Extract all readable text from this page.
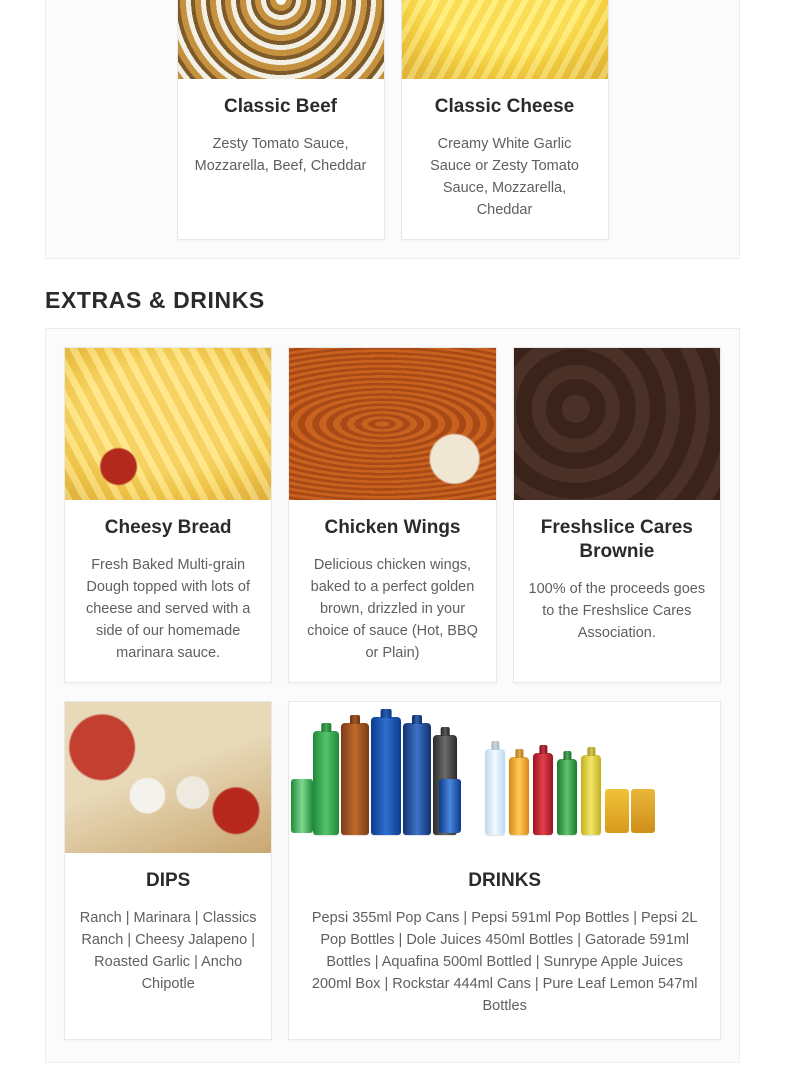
Classic Beef
Zesty Tomato Sauce, Mozzarella, Beef, Cheddar
Classic Cheese
Creamy White Garlic Sauce or Zesty Tomato Sauce, Mozzarella, Cheddar
EXTRAS & DRINKS
Cheesy Bread
Fresh Baked Multi-grain Dough topped with lots of cheese and served with a side of our homemade marinara sauce.
Chicken Wings
Delicious chicken wings, baked to a perfect golden brown, drizzled in your choice of sauce (Hot, BBQ or Plain)
Freshslice Cares Brownie
100% of the proceeds goes to the Freshslice Cares Association.
DIPS
Ranch | Marinara | Classics Ranch | Cheesy Jalapeno | Roasted Garlic | Ancho Chipotle
DRINKS
Pepsi 355ml Pop Cans | Pepsi 591ml Pop Bottles | Pepsi 2L Pop Bottles | Dole Juices 450ml Bottles | Gatorade 591ml Bottles | Aquafina 500ml Bottled | Sunrype Apple Juices 200ml Box | Rockstar 444ml Cans | Pure Leaf Lemon 547ml Bottles
